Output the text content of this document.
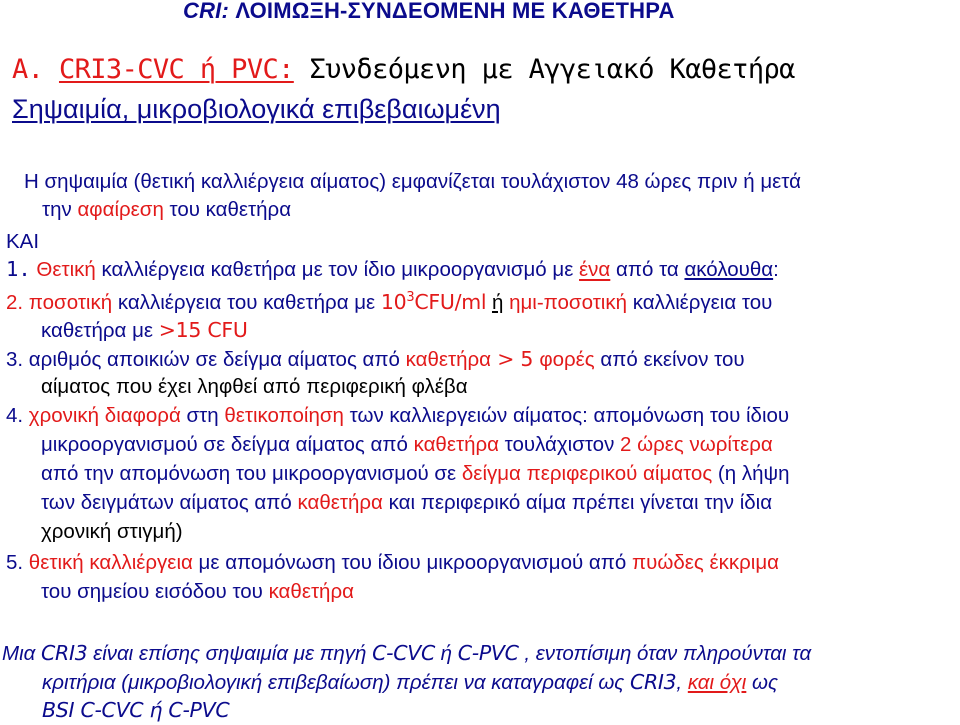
CRI: ΛΟΙΜΩΞΗ-ΣΥΝΔΕΟΜΕΝΗ ΜΕ ΚΑΘΕΤΗΡΑ
A. CRI3-CVC ή PVC: Συνδεόμενη με Αγγειακό Καθετήρα
Σηψαιμία, μικροβιολογικά επιβεβαιωμένη
Η σηψαιμία (θετική καλλιέργεια αίματος) εμφανίζεται τουλάχιστον 48 ώρες πριν ή μετά
την αφαίρεση του καθετήρα
ΚΑΙ
1. Θετική καλλιέργεια καθετήρα με τον ίδιο μικροοργανισμό με ένα από τα ακόλουθα:
2. ποσοτική καλλιέργεια του καθετήρα με $10^3CFU/ml$ ή ημι-ποσοτική καλλιέργεια του
καθετήρα με >15 CFU
3. αριθμός αποικιών σε δείγμα αίματος από καθετήρα > 5 φορές από εκείνον του
αίματος που έχει ληφθεί από περιφερική φλέβα
4. χρονική διαφορά στη θετικοποίηση των καλλιεργειών αίματος: απομόνωση του ίδιου
μικροοργανισμού σε δείγμα αίματος από καθετήρα τουλάχιστον 2 ώρες νωρίτερα
από την απομόνωση του μικροοργανισμού σε δείγμα περιφερικού αίματος (η λήψη
των δειγμάτων αίματος από καθετήρα και περιφερικό αίμα πρέπει γίνεται την ίδια
χρονική στιγμή)
5. θετική καλλιέργεια με απομόνωση του ίδιου μικροοργανισμού από πυώδες έκκριμα
του σημείου εισόδου του καθετήρα
Μια CRI3 είναι επίσης σηψαιμία με πηγή C-CVC ή C-PVC , εντοπίσιμη όταν πληρούνται τα
κριτήρια (μικροβιολογική επιβεβαίωση) πρέπει να καταγραφεί ως CRI3, και όχι ως
BSI C-CVC ή C-PVC
